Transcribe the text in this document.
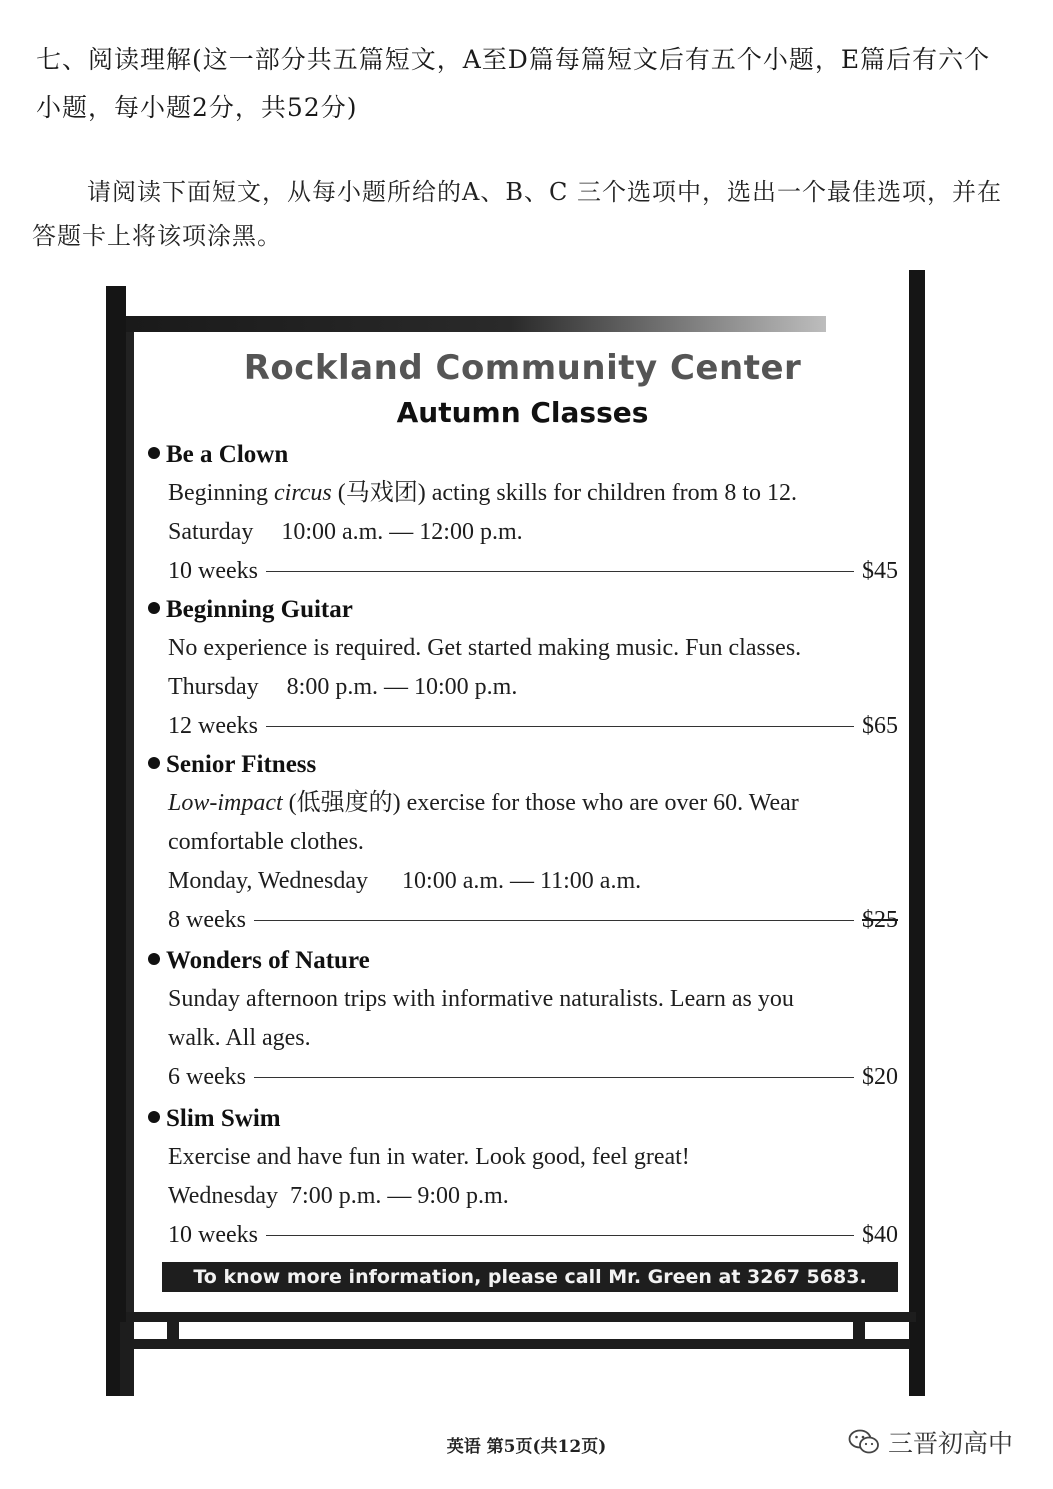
七、阅读理解(这一部分共五篇短文，A至D篇每篇短文后有五个小题，E篇后有六个小题，每小题2分，共52分)

请阅读下面短文，从每小题所给的A、B、C 三个选项中，选出一个最佳选项，并在答题卡上将该项涂黑。

Rockland Community Center
Autumn Classes

Be a Clown

Beginning circus (马戏团) acting skills for children from 8 to 12.

Saturday 10:00 a.m. — 12:00 p.m.

10 weeks	$45

Beginning Guitar

No experience is required. Get started making music. Fun classes.

Thursday 8:00 p.m. — 10:00 p.m.

12 weeks	$65

Senior Fitness

Low-impact (低强度的) exercise for those who are over 60. Wear

comfortable clothes.

Monday, Wednesday 10:00 a.m. — 11:00 a.m.

8 weeks	$25

Wonders of Nature

Sunday afternoon trips with informative naturalists. Learn as you

walk. All ages.

6 weeks	$20

Slim Swim

Exercise and have fun in water. Look good, feel great!

Wednesday 7:00 p.m. — 9:00 p.m.

10 weeks	$40
To know more information, please call Mr. Green at 3267 5683.
英语 第5页(共12页)	三晋初高中
